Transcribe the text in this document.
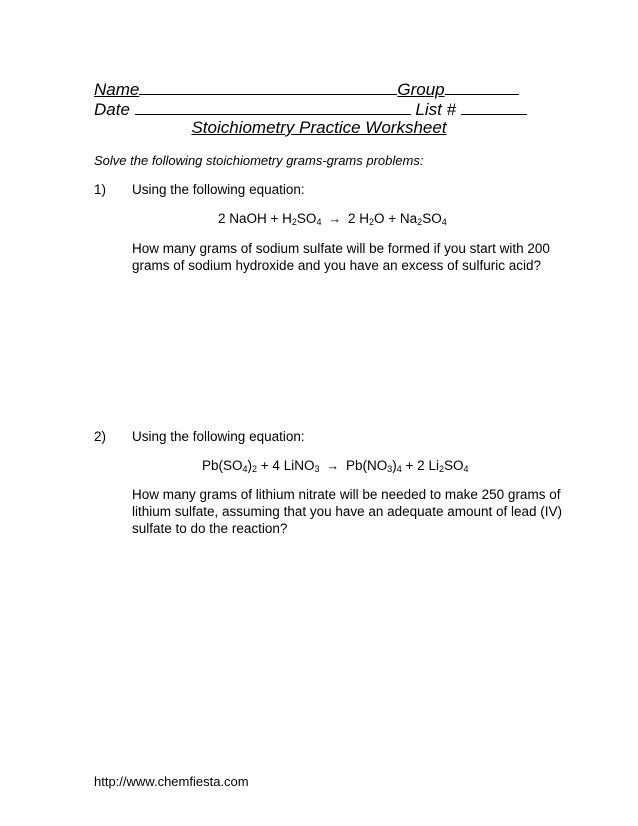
Name	Group
Date	List #
Stoichiometry Practice Worksheet
Solve the following stoichiometry grams-grams problems:
1) Using the following equation:
2 NaOH + $H_2SO_4 \to 2$ $H_2O + Na_2SO_4$
How many grams of sodium sulfate will be formed if you start with 200
grams of sodium hydroxide and you have an excess of sulfuric acid?
2) Using the following equation:
$Pb(SO_4)_2 + 4$ LiNO$_3$ → $Pb(NO_3)_4 + 2$ $Li_2SO_4$
How many grams of lithium nitrate will be needed to make 250 grams of
lithium sulfate, assuming that you have an adequate amount of lead (IV)
sulfate to do the reaction?
http://www.chemfiesta.com
